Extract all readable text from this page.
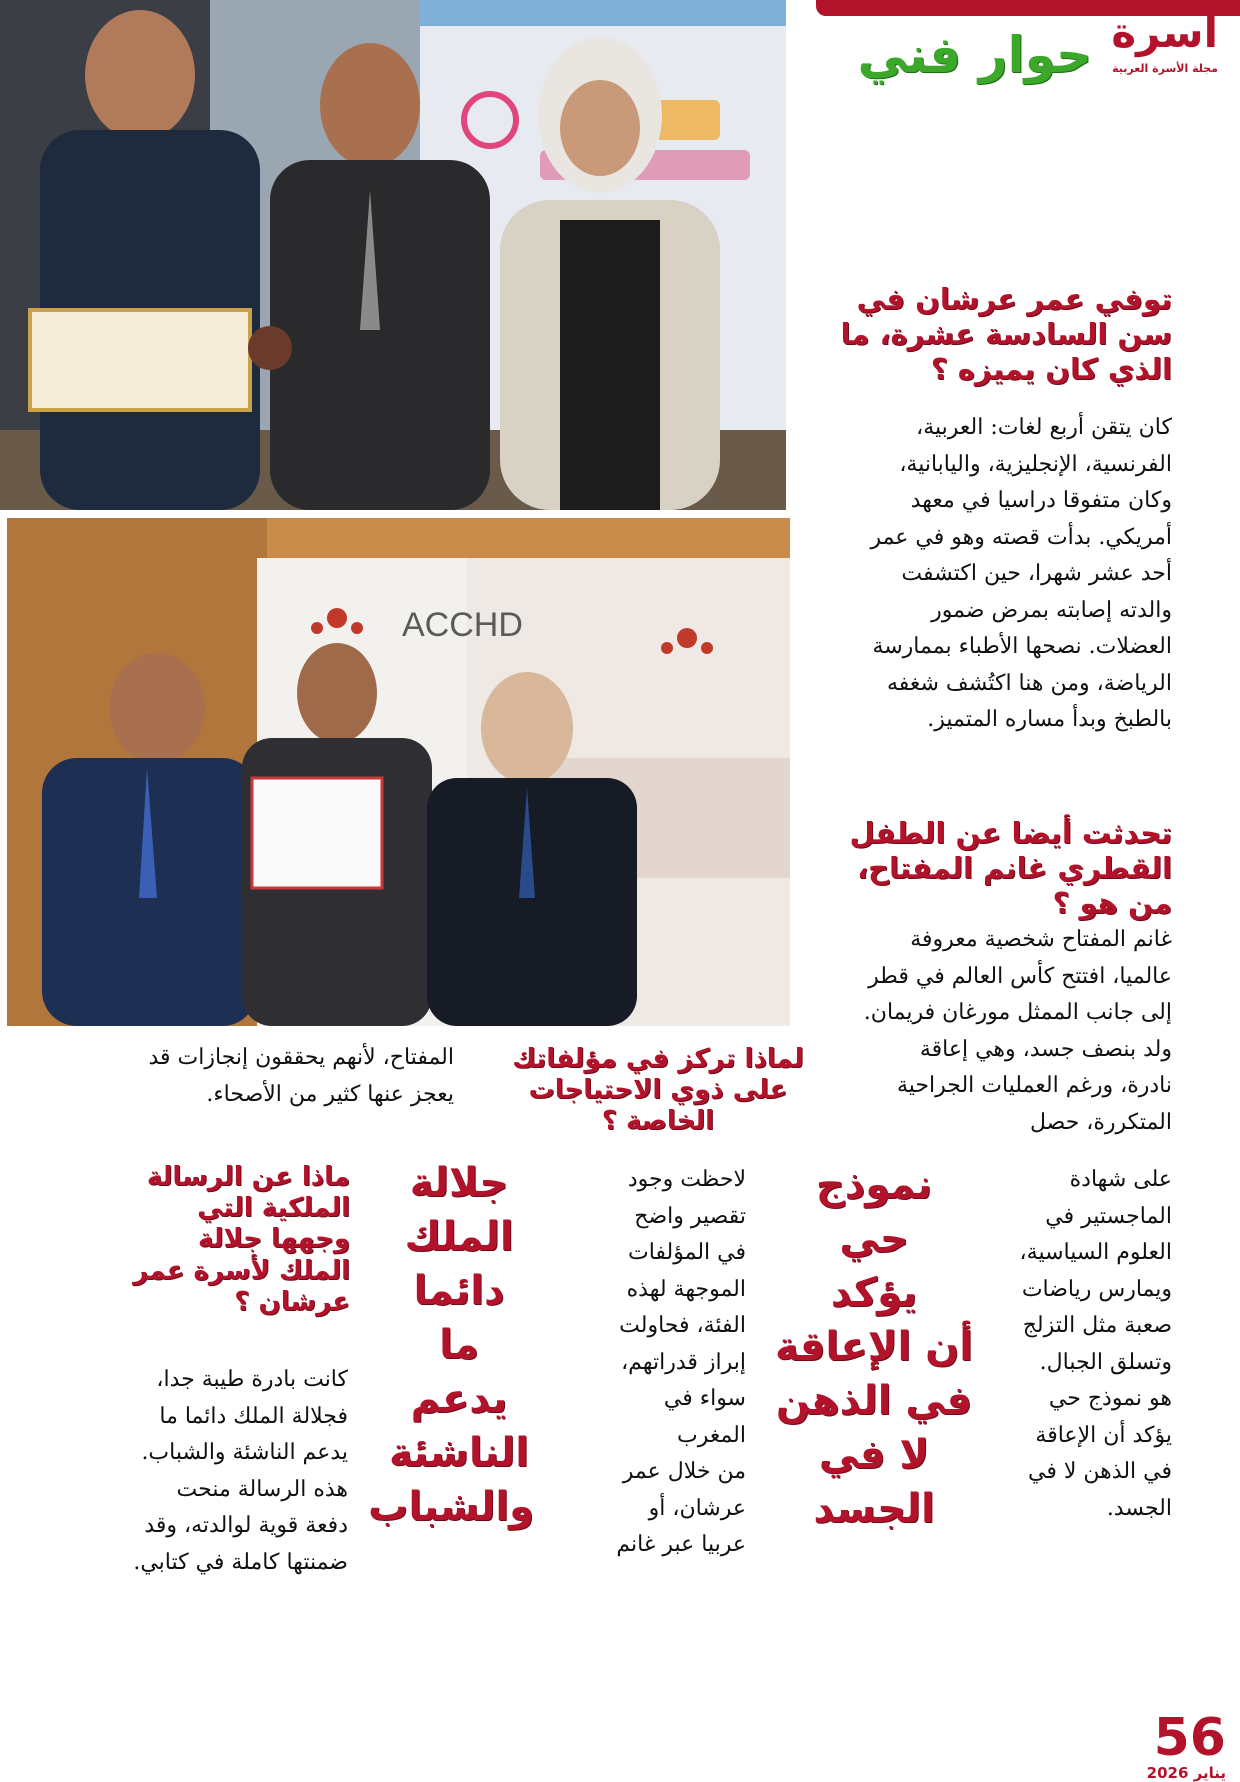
ACCHD
أسرة
مجلة الأسرة العربية
حوار فني
توفي عمر عرشان في سن السادسة عشرة، ما الذي كان يميزه ؟
كان يتقن أربع لغات: العربية،
الفرنسية، الإنجليزية، واليابانية،
وكان متفوقا دراسيا في معهد
أمريكي. بدأت قصته وهو في عمر
أحد عشر شهرا، حين اكتشفت
والدته إصابته بمرض ضمور
العضلات. نصحها الأطباء بممارسة
الرياضة، ومن هنا اكتُشف شغفه
بالطبخ وبدأ مساره المتميز.
تحدثت أيضا عن الطفل القطري غانم المفتاح، من هو ؟
غانم المفتاح شخصية معروفة
عالميا، افتتح كأس العالم في قطر
إلى جانب الممثل مورغان فريمان.
ولد بنصف جسد، وهي إعاقة
نادرة، ورغم العمليات الجراحية
المتكررة، حصل
على شهادة
الماجستير في
العلوم السياسية،
ويمارس رياضات
صعبة مثل التزلج
وتسلق الجبال.
هو نموذج حي
يؤكد أن الإعاقة
في الذهن لا في
الجسد.
نموذج
حي
يؤكد
أن الإعاقة
في الذهن
لا في
الجسد
لماذا تركز في مؤلفاتك على ذوي الاحتياجات الخاصة ؟
لاحظت وجود
تقصير واضح
في المؤلفات
الموجهة لهذه
الفئة، فحاولت
إبراز قدراتهم،
سواء في المغرب
من خلال عمر
عرشان، أو
عربيا عبر غانم
المفتاح، لأنهم يحققون إنجازات قد
يعجز عنها كثير من الأصحاء.
جلالة
الملك
دائما
ما
يدعم
الناشئة
والشباب
ماذا عن الرسالة الملكية التي وجهها جلالة الملك لأسرة عمر عرشان ؟
كانت بادرة طيبة جدا،
فجلالة الملك دائما ما
يدعم الناشئة والشباب.
هذه الرسالة منحت
دفعة قوية لوالدته، وقد
ضمنتها كاملة في كتابي.
56
يناير 2026
